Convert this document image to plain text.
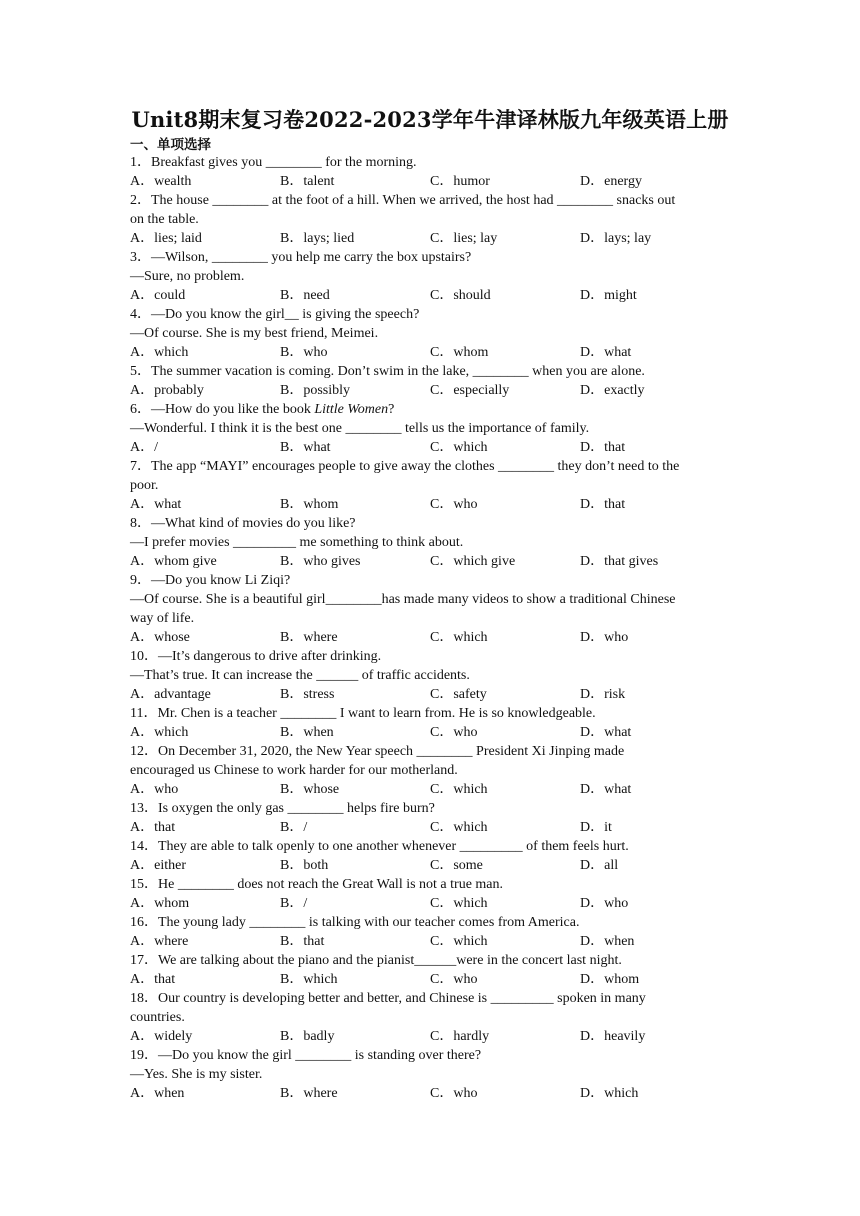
Unit8期末复习卷2022-2023学年牛津译林版九年级英语上册
一、单项选择
1．Breakfast gives you ________ for the morning.
A．wealth	B．talent	C．humor	D．energy
2．The house ________ at the foot of a hill. When we arrived, the host had ________ snacks out
on the table.
A．lies; laid	B．lays; lied	C．lies; lay	D．lays; lay
3．—Wilson, ________ you help me carry the box upstairs?
—Sure, no problem.
A．could	B．need	C．should	D．might
4．—Do you know the girl__ is giving the speech?
—Of course. She is my best friend, Meimei.
A．which	B．who	C．whom	D．what
5．The summer vacation is coming. Don’t swim in the lake, ________ when you are alone.
A．probably	B．possibly	C．especially	D．exactly
6．—How do you like the book Little Women?
—Wonderful. I think it is the best one ________ tells us the importance of family.
A．/	B．what	C．which	D．that
7．The app “MAYI” encourages people to give away the clothes ________ they don’t need to the
poor.
A．what	B．whom	C．who	D．that
8．—What kind of movies do you like?
—I prefer movies _________ me something to think about.
A．whom give	B．who gives	C．which give	D．that gives
9．—Do you know Li Ziqi?
—Of course. She is a beautiful girl________has made many videos to show a traditional Chinese
way of life.
A．whose	B．where	C．which	D．who
10．—It’s dangerous to drive after drinking.
—That’s true. It can increase the ______ of traffic accidents.
A．advantage	B．stress	C．safety	D．risk
11．Mr. Chen is a teacher ________ I want to learn from. He is so knowledgeable.
A．which	B．when	C．who	D．what
12．On December 31, 2020, the New Year speech ________ President Xi Jinping made
encouraged us Chinese to work harder for our motherland.
A．who	B．whose	C．which	D．what
13．Is oxygen the only gas ________ helps fire burn?
A．that	B．/	C．which	D．it
14．They are able to talk openly to one another whenever _________ of them feels hurt.
A．either	B．both	C．some	D．all
15．He ________ does not reach the Great Wall is not a true man.
A．whom	B．/	C．which	D．who
16．The young lady ________ is talking with our teacher comes from America.
A．where	B．that	C．which	D．when
17．We are talking about the piano and the pianist______were in the concert last night.
A．that	B．which	C．who	D．whom
18．Our country is developing better and better, and Chinese is _________ spoken in many
countries.
A．widely	B．badly	C．hardly	D．heavily
19．—Do you know the girl ________ is standing over there?
—Yes. She is my sister.
A．when	B．where	C．who	D．which
